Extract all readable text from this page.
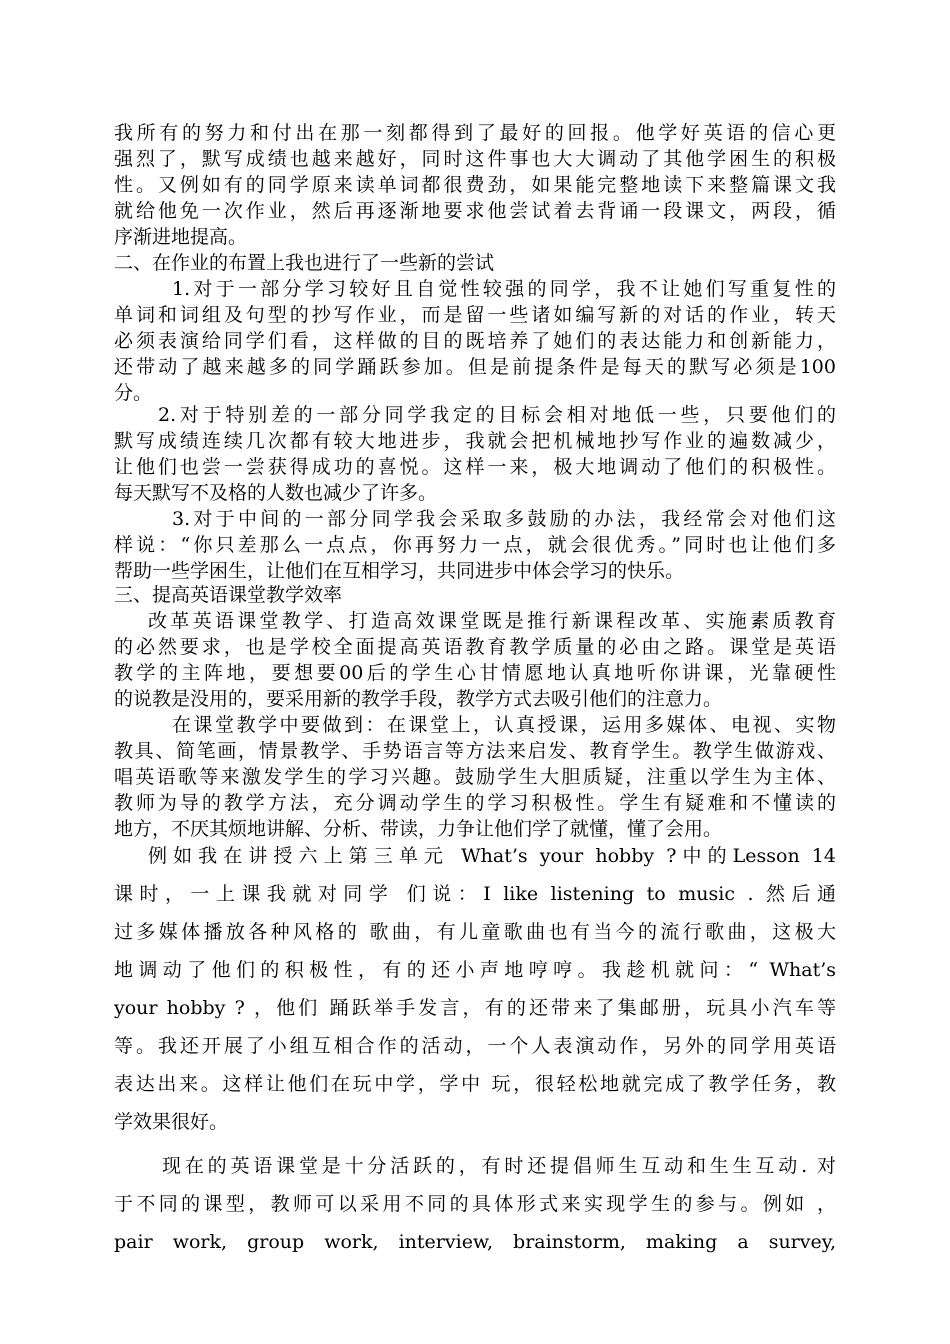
我所有的努力和付出在那一刻都得到了最好的回报。他学好英语的信心更
强烈了，默写成绩也越来越好，同时这件事也大大调动了其他学困生的积极
性。又例如有的同学原来读单词都很费劲，如果能完整地读下来整篇课文我
就给他免一次作业，然后再逐渐地要求他尝试着去背诵一段课文，两段，循
序渐进地提高。
二、在作业的布置上我也进行了一些新的尝试
1.对于一部分学习较好且自觉性较强的同学，我不让她们写重复性的
单词和词组及句型的抄写作业，而是留一些诸如编写新的对话的作业，转天
必须表演给同学们看，这样做的目的既培养了她们的表达能力和创新能力，
还带动了越来越多的同学踊跃参加。但是前提条件是每天的默写必须是100
分。
2.对于特别差的一部分同学我定的目标会相对地低一些，只要他们的
默写成绩连续几次都有较大地进步，我就会把机械地抄写作业的遍数减少，
让他们也尝一尝获得成功的喜悦。这样一来，极大地调动了他们的积极性。
每天默写不及格的人数也减少了许多。
3.对于中间的一部分同学我会采取多鼓励的办法，我经常会对他们这
样说：“你只差那么一点点，你再努力一点，就会很优秀。”同时也让他们多
帮助一些学困生，让他们在互相学习，共同进步中体会学习的快乐。
三、提高英语课堂教学效率
改革英语课堂教学、打造高效课堂既是推行新课程改革、实施素质教育
的必然要求，也是学校全面提高英语教育教学质量的必由之路。课堂是英语
教学的主阵地，要想要00后的学生心甘情愿地认真地听你讲课，光靠硬性
的说教是没用的，要采用新的教学手段，教学方式去吸引他们的注意力。
在课堂教学中要做到：在课堂上，认真授课，运用多媒体、电视、实物
教具、简笔画，情景教学、手势语言等方法来启发、教育学生。教学生做游戏、
唱英语歌等来激发学生的学习兴趣。鼓励学生大胆质疑，注重以学生为主体、
教师为导的教学方法，充分调动学生的学习积极性。学生有疑难和不懂读的
地方，不厌其烦地讲解、分析、带读，力争让他们学了就懂，懂了会用。
例如我在讲授六上第三单元 What’s your hobby ?中的Lesson 14
课时，一上课我就对同学 们说：I like listening to music . 然后通
过多媒体播放各种风格的 歌曲，有儿童歌曲也有当今的流行歌曲，这极大
地调动了他们的积极性，有的还小声地哼哼。我趁机就问：“ What’s
your hobby ? ，他们 踊跃举手发言，有的还带来了集邮册，玩具小汽车等
等。我还开展了小组互相合作的活动，一个人表演动作，另外的同学用英语
表达出来。这样让他们在玩中学，学中 玩，很轻松地就完成了教学任务，教
学效果很好。
现在的英语课堂是十分活跃的，有时还提倡师生互动和生生互动. 对
于不同的课型，教师可以采用不同的具体形式来实现学生的参与。例如 ，
pair work, group work, interview, brainstorm, making a survey,
